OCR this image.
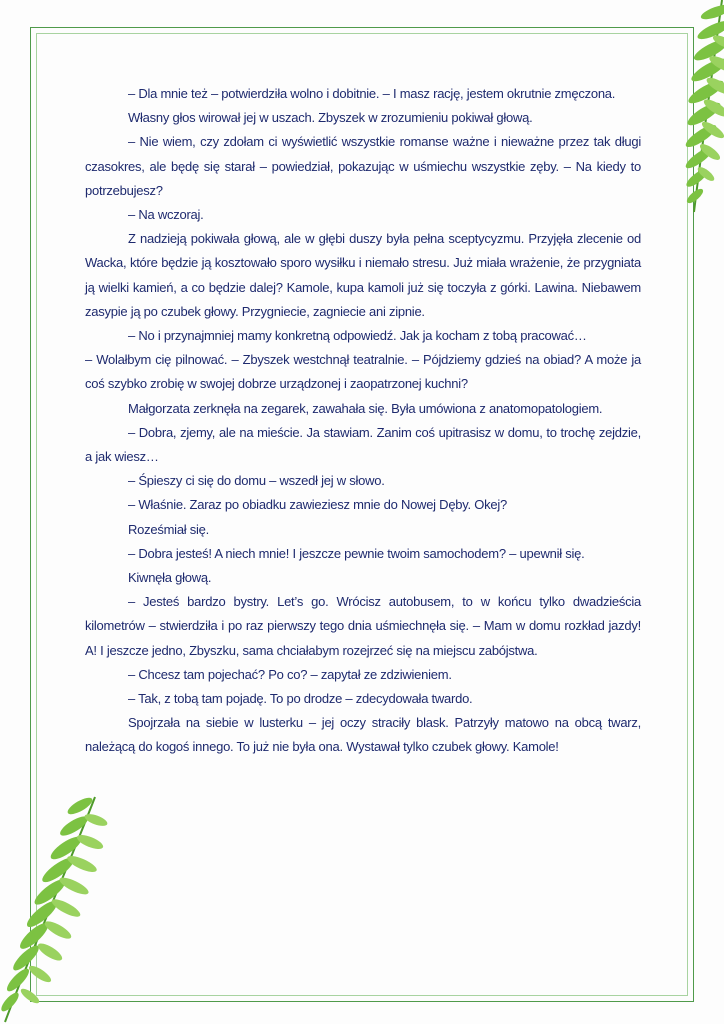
– Dla mnie też – potwierdziła wolno i dobitnie. – I masz rację, jestem okrutnie zmęczona.

Własny głos wirował jej w uszach. Zbyszek w zrozumieniu pokiwał głową.

– Nie wiem, czy zdołam ci wyświetlić wszystkie romanse ważne i nieważne przez tak długi czasokres, ale będę się starał – powiedział, pokazując w uśmiechu wszystkie zęby. – Na kiedy to potrzebujesz?

– Na wczoraj.

Z nadzieją pokiwała głową, ale w głębi duszy była pełna sceptycyzmu. Przyjęła zlecenie od Wacka, które będzie ją kosztowało sporo wysiłku i niemało stresu. Już miała wrażenie, że przygniata ją wielki kamień, a co będzie dalej? Kamole, kupa kamoli już się toczyła z górki. Lawina. Niebawem zasypie ją po czubek głowy. Przygniecie, zagniecie ani zipnie.

– No i przynajmniej mamy konkretną odpowiedź. Jak ja kocham z tobą pracować…

– Wolałbym cię pilnować. – Zbyszek westchnął teatralnie. – Pójdziemy gdzieś na obiad? A może ja coś szybko zrobię w swojej dobrze urządzonej i zaopatrzonej kuchni?

Małgorzata zerknęła na zegarek, zawahała się. Była umówiona z anatomopatologiem.

– Dobra, zjemy, ale na mieście. Ja stawiam. Zanim coś upitrasisz w domu, to trochę zejdzie, a jak wiesz…

– Śpieszy ci się do domu – wszedł jej w słowo.

– Właśnie. Zaraz po obiadku zawieziesz mnie do Nowej Dęby. Okej?

Roześmiał się.

– Dobra jesteś! A niech mnie! I jeszcze pewnie twoim samochodem? – upewnił się.

Kiwnęła głową.

– Jesteś bardzo bystry. Let’s go. Wrócisz autobusem, to w końcu tylko dwadzieścia kilometrów – stwierdziła i po raz pierwszy tego dnia uśmiechnęła się. – Mam w domu rozkład jazdy! A! I jeszcze jedno, Zbyszku, sama chciałabym rozejrzeć się na miejscu zabójstwa.

– Chcesz tam pojechać? Po co? – zapytał ze zdziwieniem.

– Tak, z tobą tam pojadę. To po drodze – zdecydowała twardo.

Spojrzała na siebie w lusterku – jej oczy straciły blask. Patrzyły matowo na obcą twarz, należącą do kogoś innego. To już nie była ona. Wystawał tylko czubek głowy. Kamole!
